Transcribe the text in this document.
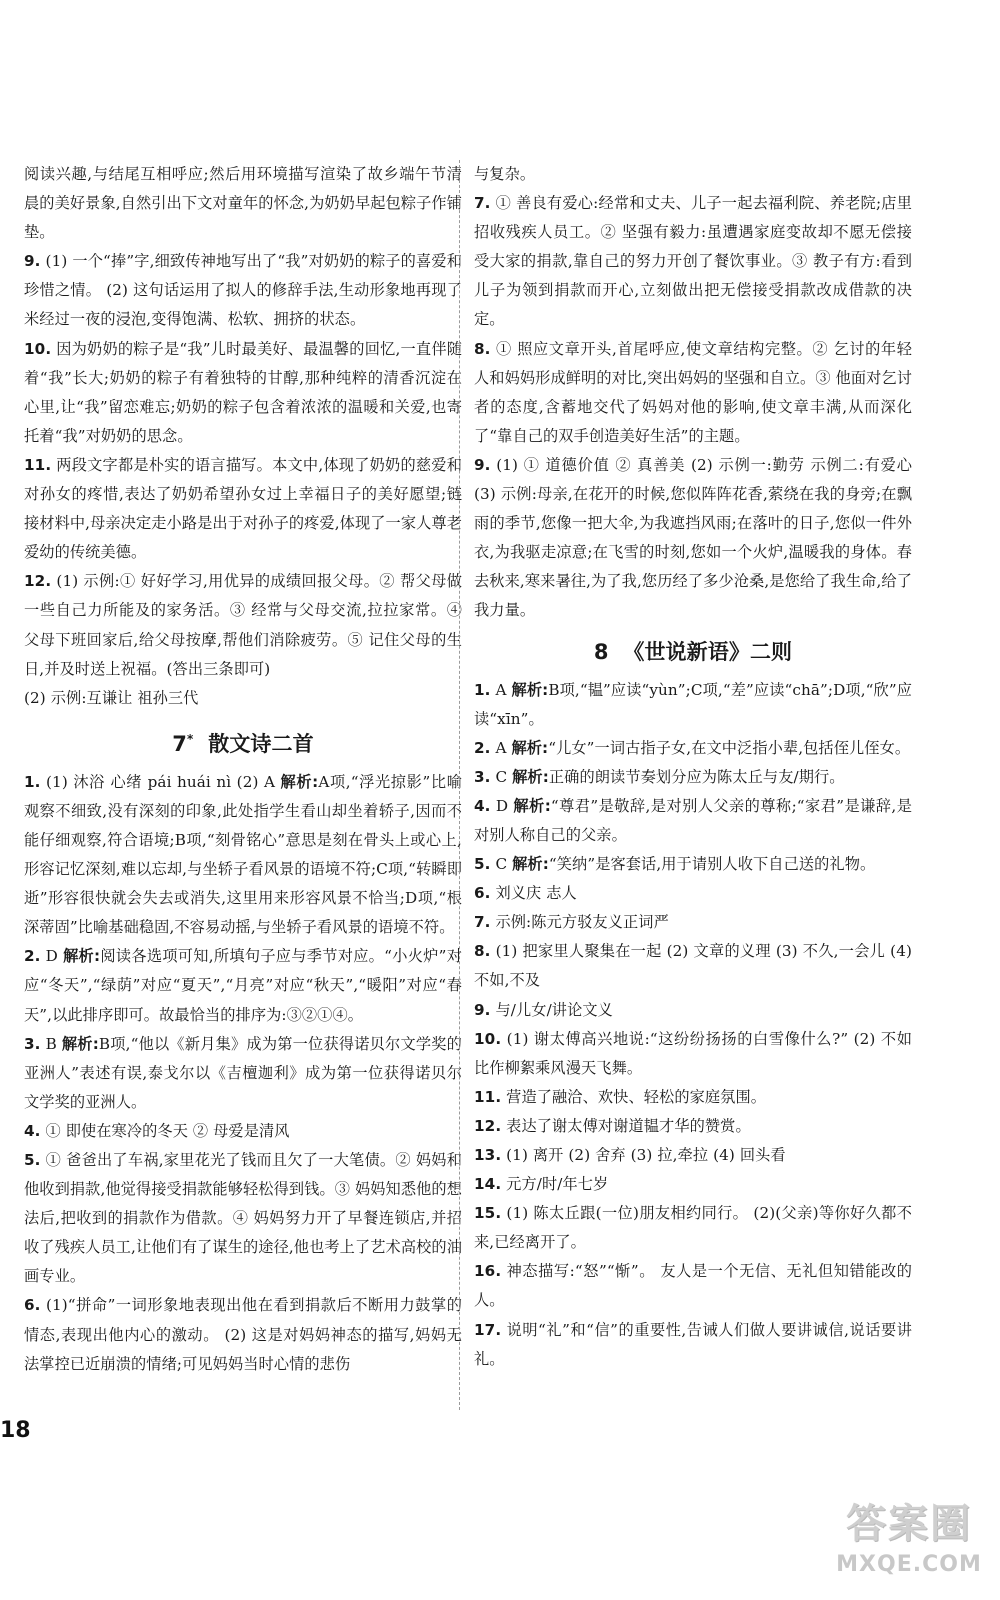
阅读兴趣,与结尾互相呼应;然后用环境描写渲染了故乡端午节清晨的美好景象,自然引出下文对童年的怀念,为奶奶早起包粽子作铺垫。

9. (1) 一个“捧”字,细致传神地写出了“我”对奶奶的粽子的喜爱和珍惜之情。 (2) 这句话运用了拟人的修辞手法,生动形象地再现了米经过一夜的浸泡,变得饱满、松软、拥挤的状态。

10. 因为奶奶的粽子是“我”儿时最美好、最温馨的回忆,一直伴随着“我”长大;奶奶的粽子有着独特的甘醇,那种纯粹的清香沉淀在心里,让“我”留恋难忘;奶奶的粽子包含着浓浓的温暖和关爱,也寄托着“我”对奶奶的思念。

11. 两段文字都是朴实的语言描写。本文中,体现了奶奶的慈爱和对孙女的疼惜,表达了奶奶希望孙女过上幸福日子的美好愿望;链接材料中,母亲决定走小路是出于对孙子的疼爱,体现了一家人尊老爱幼的传统美德。

12. (1) 示例:① 好好学习,用优异的成绩回报父母。② 帮父母做一些自己力所能及的家务活。③ 经常与父母交流,拉拉家常。④ 父母下班回家后,给父母按摩,帮他们消除疲劳。⑤ 记住父母的生日,并及时送上祝福。(答出三条即可)

(2) 示例:互谦让 祖孙三代

7* 散文诗二首

1. (1) 沐浴 心绪 pái huái nì (2) A 解析:A项,“浮光掠影”比喻观察不细致,没有深刻的印象,此处指学生看山却坐着轿子,因而不能仔细观察,符合语境;B项,“刻骨铭心”意思是刻在骨头上或心上,形容记忆深刻,难以忘却,与坐轿子看风景的语境不符;C项,“转瞬即逝”形容很快就会失去或消失,这里用来形容风景不恰当;D项,“根深蒂固”比喻基础稳固,不容易动摇,与坐轿子看风景的语境不符。

2. D 解析:阅读各选项可知,所填句子应与季节对应。“小火炉”对应“冬天”,“绿荫”对应“夏天”,“月亮”对应“秋天”,“暖阳”对应“春天”,以此排序即可。故最恰当的排序为:③②①④。

3. B 解析:B项,“他以《新月集》成为第一位获得诺贝尔文学奖的亚洲人”表述有误,泰戈尔以《吉檀迦利》成为第一位获得诺贝尔文学奖的亚洲人。

4. ① 即使在寒冷的冬天 ② 母爱是清风

5. ① 爸爸出了车祸,家里花光了钱而且欠了一大笔债。② 妈妈和他收到捐款,他觉得接受捐款能够轻松得到钱。③ 妈妈知悉他的想法后,把收到的捐款作为借款。④ 妈妈努力开了早餐连锁店,并招收了残疾人员工,让他们有了谋生的途径,他也考上了艺术高校的油画专业。

6. (1)“拼命”一词形象地表现出他在看到捐款后不断用力鼓掌的情态,表现出他内心的激动。 (2) 这是对妈妈神态的描写,妈妈无法掌控已近崩溃的情绪;可见妈妈当时心情的悲伤

与复杂。

7. ① 善良有爱心:经常和丈夫、儿子一起去福利院、养老院;店里招收残疾人员工。② 坚强有毅力:虽遭遇家庭变故却不愿无偿接受大家的捐款,靠自己的努力开创了餐饮事业。③ 教子有方:看到儿子为领到捐款而开心,立刻做出把无偿接受捐款改成借款的决定。

8. ① 照应文章开头,首尾呼应,使文章结构完整。② 乞讨的年轻人和妈妈形成鲜明的对比,突出妈妈的坚强和自立。③ 他面对乞讨者的态度,含蓄地交代了妈妈对他的影响,使文章丰满,从而深化了“靠自己的双手创造美好生活”的主题。

9. (1) ① 道德价值 ② 真善美 (2) 示例一:勤劳 示例二:有爱心 (3) 示例:母亲,在花开的时候,您似阵阵花香,萦绕在我的身旁;在飘雨的季节,您像一把大伞,为我遮挡风雨;在落叶的日子,您似一件外衣,为我驱走凉意;在飞雪的时刻,您如一个火炉,温暖我的身体。春去秋来,寒来暑往,为了我,您历经了多少沧桑,是您给了我生命,给了我力量。

8 《世说新语》二则

1. A 解析:B项,“韫”应读“yùn”;C项,“差”应读“chā”;D项,“欣”应读“xīn”。

2. A 解析:“儿女”一词古指子女,在文中泛指小辈,包括侄儿侄女。

3. C 解析:正确的朗读节奏划分应为陈太丘与友/期行。

4. D 解析:“尊君”是敬辞,是对别人父亲的尊称;“家君”是谦辞,是对别人称自己的父亲。

5. C 解析:“笑纳”是客套话,用于请别人收下自己送的礼物。

6. 刘义庆 志人

7. 示例:陈元方驳友义正词严

8. (1) 把家里人聚集在一起 (2) 文章的义理 (3) 不久,一会儿 (4) 不如,不及

9. 与/儿女/讲论文义

10. (1) 谢太傅高兴地说:“这纷纷扬扬的白雪像什么?” (2) 不如比作柳絮乘风漫天飞舞。

11. 营造了融洽、欢快、轻松的家庭氛围。

12. 表达了谢太傅对谢道韫才华的赞赏。

13. (1) 离开 (2) 舍弃 (3) 拉,牵拉 (4) 回头看

14. 元方/时/年七岁

15. (1) 陈太丘跟(一位)朋友相约同行。 (2)(父亲)等你好久都不来,已经离开了。

16. 神态描写:“怒”“惭”。 友人是一个无信、无礼但知错能改的人。

17. 说明“礼”和“信”的重要性,告诫人们做人要讲诚信,说话要讲礼。

18
答案圈
MXQE.COM
